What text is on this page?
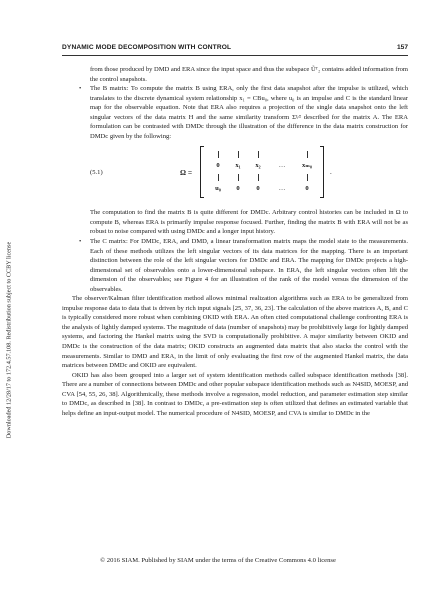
DYNAMIC MODE DECOMPOSITION WITH CONTROL	157
Downloaded 12/28/17 to 172.4.57.108. Redistribution subject to CCBY license

from those produced by DMD and ERA since the input space and thus the subspace Ũᵀ₂ contains added information from the control snapshots.

• The B matrix: To compute the matrix B using ERA, only the first data snapshot after the impulse is utilized, which translates to the discrete dynamical system relationship x₁ = CBu₀, where u₀ is an impulse and C is the standard linear map for the observable equation. Note that ERA also requires a projection of the single data snapshot onto the left singular vectors of the data matrix H and the same similarity transform Σ¹⁄² described for the matrix A. The ERA formulation can be contrasted with DMDc through the illustration of the difference in the data matrix construction for DMDc given by the following:

(5.1)	Ω =
0	x₁	x₂	…	xₘ₀
u₀	0	0	…	0
.

The computation to find the matrix B is quite different for DMDc. Arbitrary control histories can be included in Ω to compute B, whereas ERA is primarily impulse response focused. Further, finding the matrix B with ERA will not be as robust to noise compared with using DMDc and a longer input history.

• The C matrix: For DMDc, ERA, and DMD, a linear transformation matrix maps the model state to the measurements. Each of these methods utilizes the left singular vectors of its data matrices for the mapping. There is an important distinction between the role of the left singular vectors for DMDc and ERA. The mapping for DMDc projects a high-dimensional set of observables onto a lower-dimensional subspace. In ERA, the left singular vectors often lift the dimension of the observables; see Figure 4 for an illustration of the rank of the model versus the dimension of the observables.

The observer/Kalman filter identification method allows minimal realization algorithms such as ERA to be generalized from impulse response data to data that is driven by rich input signals [25, 37, 36, 23]. The calculation of the above matrices A, B, and C is typically considered more robust when combining OKID with ERA. An often cited computational challenge confronting ERA is the analysis of lightly damped systems. The magnitude of data (number of snapshots) may be prohibitively large for lightly damped systems, and factoring the Hankel matrix using the SVD is computationally prohibitive. A major similarity between OKID and DMDc is the construction of the data matrix; OKID constructs an augmented data matrix that also stacks the control with the measurements. Similar to DMD and ERA, in the limit of only evaluating the first row of the augmented Hankel matrix, the data matrices between DMDc and OKID are equivalent.

OKID has also been grouped into a larger set of system identification methods called subspace identification methods [38]. There are a number of connections between DMDc and other popular subspace identification methods such as N4SID, MOESP, and CVA [54, 55, 26, 38]. Algorithmically, these methods involve a regression, model reduction, and parameter estimation step similar to DMDc, as described in [38]. In contrast to DMDc, a pre-estimation step is often utilized that defines an estimated variable that helps define an input-output model. The numerical procedure of N4SID, MOESP, and CVA is similar to DMDc in the

© 2016 SIAM. Published by SIAM under the terms of the Creative Commons 4.0 license
